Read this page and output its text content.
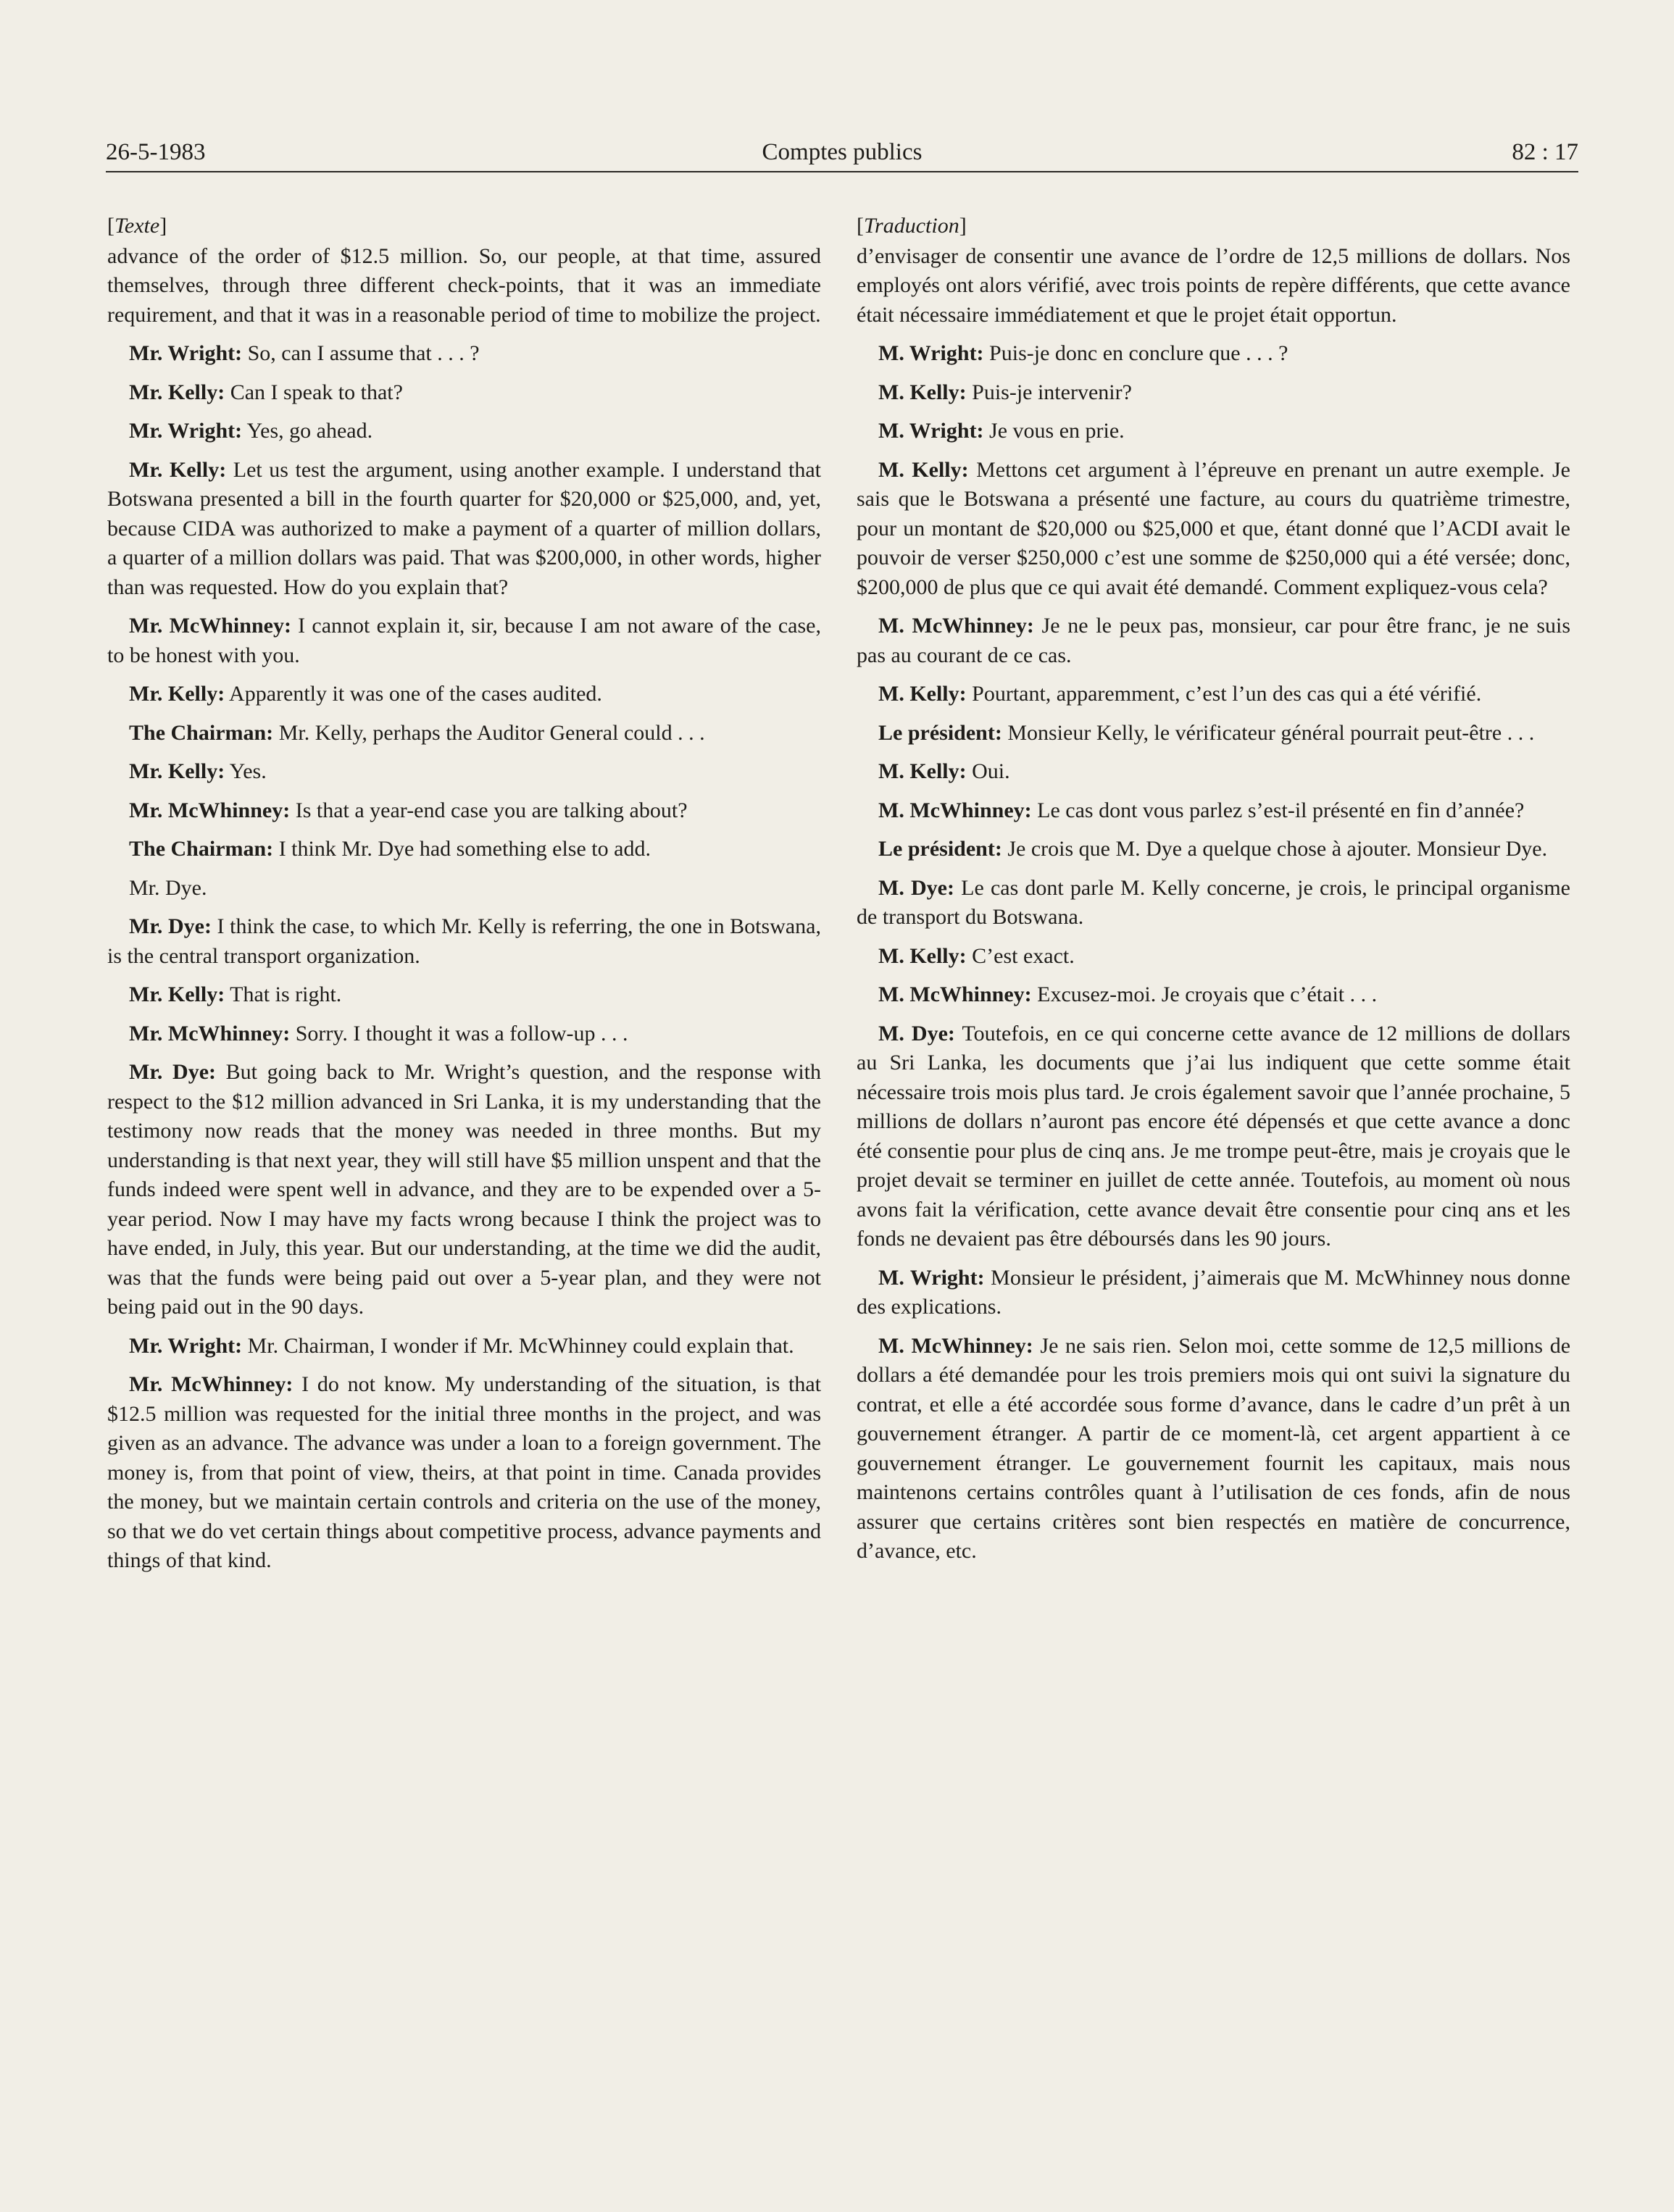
26-5-1983	Comptes publics	82 : 17
[Texte]

advance of the order of $12.5 million. So, our people, at that time, assured themselves, through three different check-points, that it was an immediate requirement, and that it was in a reasonable period of time to mobilize the project.

Mr. Wright: So, can I assume that . . . ?

Mr. Kelly: Can I speak to that?

Mr. Wright: Yes, go ahead.

Mr. Kelly: Let us test the argument, using another example. I understand that Botswana presented a bill in the fourth quarter for $20,000 or $25,000, and, yet, because CIDA was authorized to make a payment of a quarter of million dollars, a quarter of a million dollars was paid. That was $200,000, in other words, higher than was requested. How do you explain that?

Mr. McWhinney: I cannot explain it, sir, because I am not aware of the case, to be honest with you.

Mr. Kelly: Apparently it was one of the cases audited.

The Chairman: Mr. Kelly, perhaps the Auditor General could . . .

Mr. Kelly: Yes.

Mr. McWhinney: Is that a year-end case you are talking about?

The Chairman: I think Mr. Dye had something else to add.

Mr. Dye.

Mr. Dye: I think the case, to which Mr. Kelly is referring, the one in Botswana, is the central transport organization.

Mr. Kelly: That is right.

Mr. McWhinney: Sorry. I thought it was a follow-up . . .

Mr. Dye: But going back to Mr. Wright’s question, and the response with respect to the $12 million advanced in Sri Lanka, it is my understanding that the testimony now reads that the money was needed in three months. But my understanding is that next year, they will still have $5 million unspent and that the funds indeed were spent well in advance, and they are to be expended over a 5-year period. Now I may have my facts wrong because I think the project was to have ended, in July, this year. But our understanding, at the time we did the audit, was that the funds were being paid out over a 5-year plan, and they were not being paid out in the 90 days.

Mr. Wright: Mr. Chairman, I wonder if Mr. McWhinney could explain that.

Mr. McWhinney: I do not know. My understanding of the situation, is that $12.5 million was requested for the initial three months in the project, and was given as an advance. The advance was under a loan to a foreign government. The money is, from that point of view, theirs, at that point in time. Canada provides the money, but we maintain certain controls and criteria on the use of the money, so that we do vet certain things about competitive process, advance payments and things of that kind.

[Traduction]

d’envisager de consentir une avance de l’ordre de 12,5 millions de dollars. Nos employés ont alors vérifié, avec trois points de repère différents, que cette avance était nécessaire immédiatement et que le projet était opportun.

M. Wright: Puis-je donc en conclure que . . . ?

M. Kelly: Puis-je intervenir?

M. Wright: Je vous en prie.

M. Kelly: Mettons cet argument à l’épreuve en prenant un autre exemple. Je sais que le Botswana a présenté une facture, au cours du quatrième trimestre, pour un montant de $20,000 ou $25,000 et que, étant donné que l’ACDI avait le pouvoir de verser $250,000 c’est une somme de $250,000 qui a été versée; donc, $200,000 de plus que ce qui avait été demandé. Comment expliquez-vous cela?

M. McWhinney: Je ne le peux pas, monsieur, car pour être franc, je ne suis pas au courant de ce cas.

M. Kelly: Pourtant, apparemment, c’est l’un des cas qui a été vérifié.

Le président: Monsieur Kelly, le vérificateur général pourrait peut-être . . .

M. Kelly: Oui.

M. McWhinney: Le cas dont vous parlez s’est-il présenté en fin d’année?

Le président: Je crois que M. Dye a quelque chose à ajouter. Monsieur Dye.

M. Dye: Le cas dont parle M. Kelly concerne, je crois, le principal organisme de transport du Botswana.

M. Kelly: C’est exact.

M. McWhinney: Excusez-moi. Je croyais que c’était . . .

M. Dye: Toutefois, en ce qui concerne cette avance de 12 millions de dollars au Sri Lanka, les documents que j’ai lus indiquent que cette somme était nécessaire trois mois plus tard. Je crois également savoir que l’année prochaine, 5 millions de dollars n’auront pas encore été dépensés et que cette avance a donc été consentie pour plus de cinq ans. Je me trompe peut-être, mais je croyais que le projet devait se terminer en juillet de cette année. Toutefois, au moment où nous avons fait la vérification, cette avance devait être consentie pour cinq ans et les fonds ne devaient pas être déboursés dans les 90 jours.

M. Wright: Monsieur le président, j’aimerais que M. McWhinney nous donne des explications.

M. McWhinney: Je ne sais rien. Selon moi, cette somme de 12,5 millions de dollars a été demandée pour les trois premiers mois qui ont suivi la signature du contrat, et elle a été accordée sous forme d’avance, dans le cadre d’un prêt à un gouvernement étranger. A partir de ce moment-là, cet argent appartient à ce gouvernement étranger. Le gouvernement fournit les capitaux, mais nous maintenons certains contrôles quant à l’utilisation de ces fonds, afin de nous assurer que certains critères sont bien respectés en matière de concurrence, d’avance, etc.
